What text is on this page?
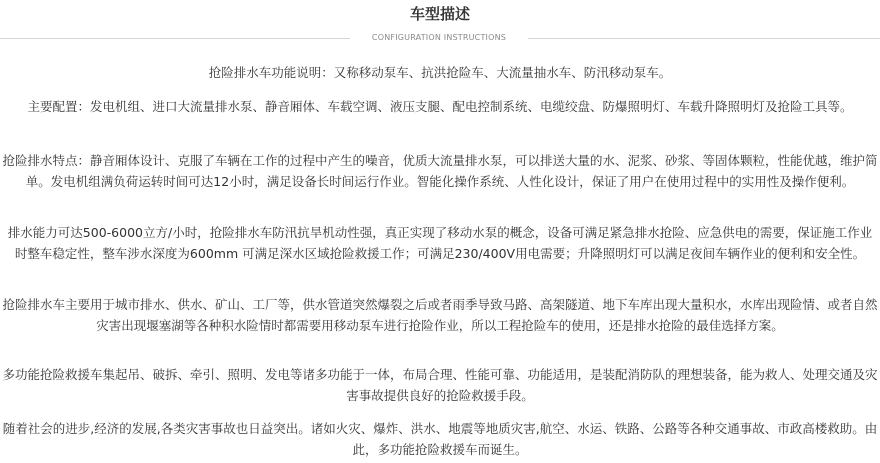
车型描述
CONFIGURATION INSTRUCTIONS

抢险排水车功能说明：又称移动泵车、抗洪抢险车、大流量抽水车、防汛移动泵车。

主要配置：发电机组、进口大流量排水泵、静音厢体、车载空调、液压支腿、配电控制系统、电缆绞盘、防爆照明灯、车载升降照明灯及抢险工具等。

抢险排水特点：静音厢体设计、克服了车辆在工作的过程中产生的噪音，优质大流量排水泵，可以排送大量的水、泥浆、砂浆、等固体颗粒，性能优越，维护简单。发电机组满负荷运转时间可达12小时，满足设备长时间运行作业。智能化操作系统、人性化设计，保证了用户在使用过程中的实用性及操作便利。

排水能力可达500-6000立方/小时，抢险排水车防汛抗旱机动性强，真正实现了移动水泵的概念，设备可满足紧急排水抢险、应急供电的需要，保证施工作业时整车稳定性，整车涉水深度为600mm 可满足深水区域抢险救援工作；可满足230/400V用电需要；升降照明灯可以满足夜间车辆作业的便利和安全性。

抢险排水车主要用于城市排水、供水、矿山、工厂等，供水管道突然爆裂之后或者雨季导致马路、高架隧道、地下车库出现大量积水，水库出现险情、或者自然灾害出现堰塞湖等各种积水险情时都需要用移动泵车进行抢险作业，所以工程抢险车的使用，还是排水抢险的最佳选择方案。

多功能抢险救援车集起吊、破拆、牵引、照明、发电等诸多功能于一体，布局合理、性能可靠、功能适用，是装配消防队的理想装备，能为救人、处理交通及灾害事故提供良好的抢险救援手段。

随着社会的进步,经济的发展,各类灾害事故也日益突出。诸如火灾、爆炸、洪水、地震等地质灾害,航空、水运、铁路、公路等各种交通事故、市政高楼救助。由此，多功能抢险救援车而诞生。
